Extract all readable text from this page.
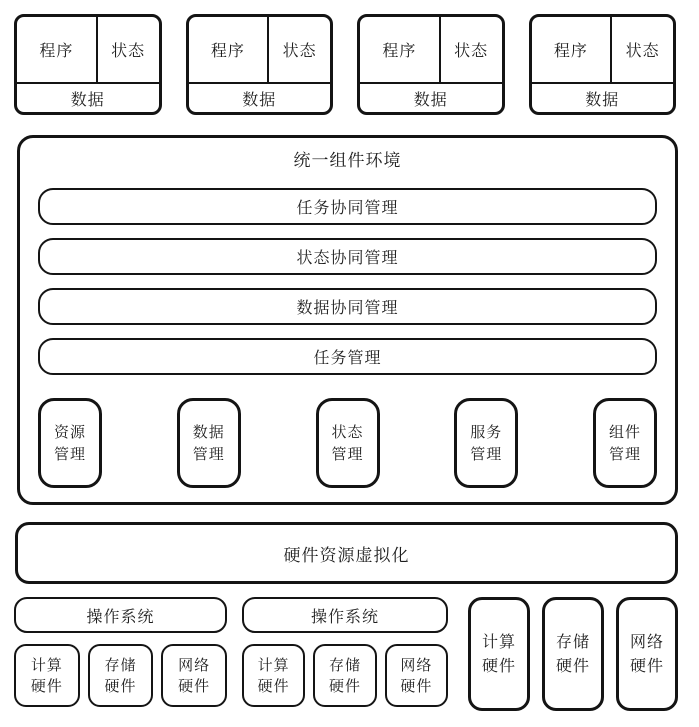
程序	状态
数据
程序	状态
数据
程序	状态
数据
程序	状态
数据
统一组件环境
任务协同管理
状态协同管理
数据协同管理
任务管理
资源
管理
数据
管理
状态
管理
服务
管理
组件
管理
硬件资源虚拟化
操作系统
计算
硬件
存储
硬件
网络
硬件
操作系统
计算
硬件
存储
硬件
网络
硬件
计算
硬件
存储
硬件
网络
硬件
